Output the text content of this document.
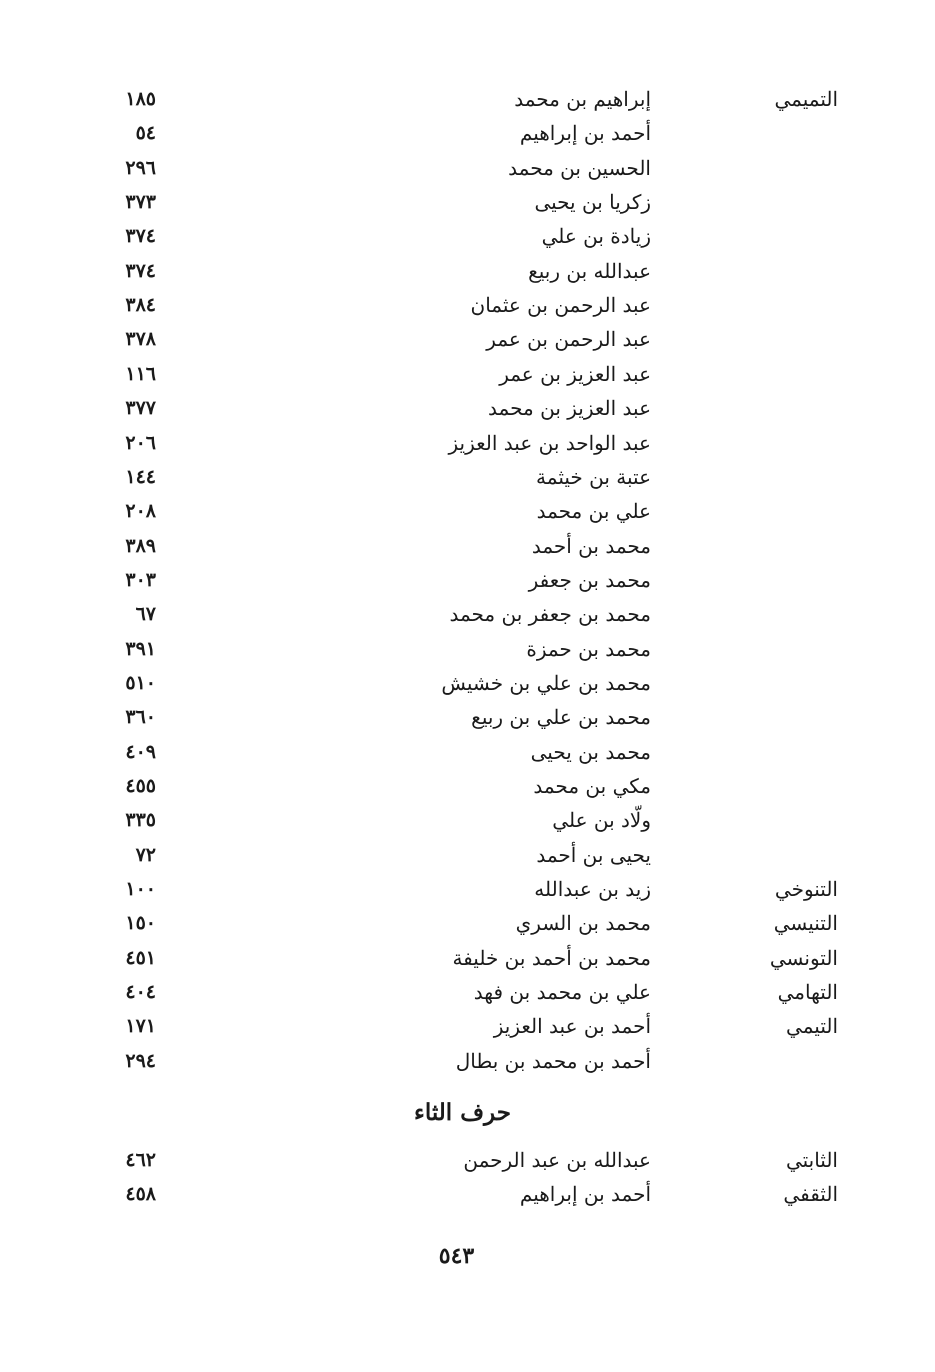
التميمي
إبراهيم بن محمد
١٨٥
أحمد بن إبراهيم
٥٤
الحسين بن محمد
٢٩٦
زكريا بن يحيى
٣٧٣
زيادة بن علي
٣٧٤
عبدالله بن ربيع
٣٧٤
عبد الرحمن بن عثمان
٣٨٤
عبد الرحمن بن عمر
٣٧٨
عبد العزيز بن عمر
١١٦
عبد العزيز بن محمد
٣٧٧
عبد الواحد بن عبد العزيز
٢٠٦
عتبة بن خيثمة
١٤٤
علي بن محمد
٢٠٨
محمد بن أحمد
٣٨٩
محمد بن جعفر
٣٠٣
محمد بن جعفر بن محمد
٦٧
محمد بن حمزة
٣٩١
محمد بن علي بن خشيش
٥١٠
محمد بن علي بن ربيع
٣٦٠
محمد بن يحيى
٤٠٩
مكي بن محمد
٤٥٥
ولّاد بن علي
٣٣٥
يحيى بن أحمد
٧٢
التنوخي
زيد بن عبدالله
١٠٠
التنيسي
محمد بن السري
١٥٠
التونسي
محمد بن أحمد بن خليفة
٤٥١
التهامي
علي بن محمد بن فهد
٤٠٤
التيمي
أحمد بن عبد العزيز
١٧١
أحمد بن محمد بن بطال
٢٩٤
حرف الثاء
الثابتي
عبدالله بن عبد الرحمن
٤٦٢
الثقفي
أحمد بن إبراهيم
٤٥٨
٥٤٣
